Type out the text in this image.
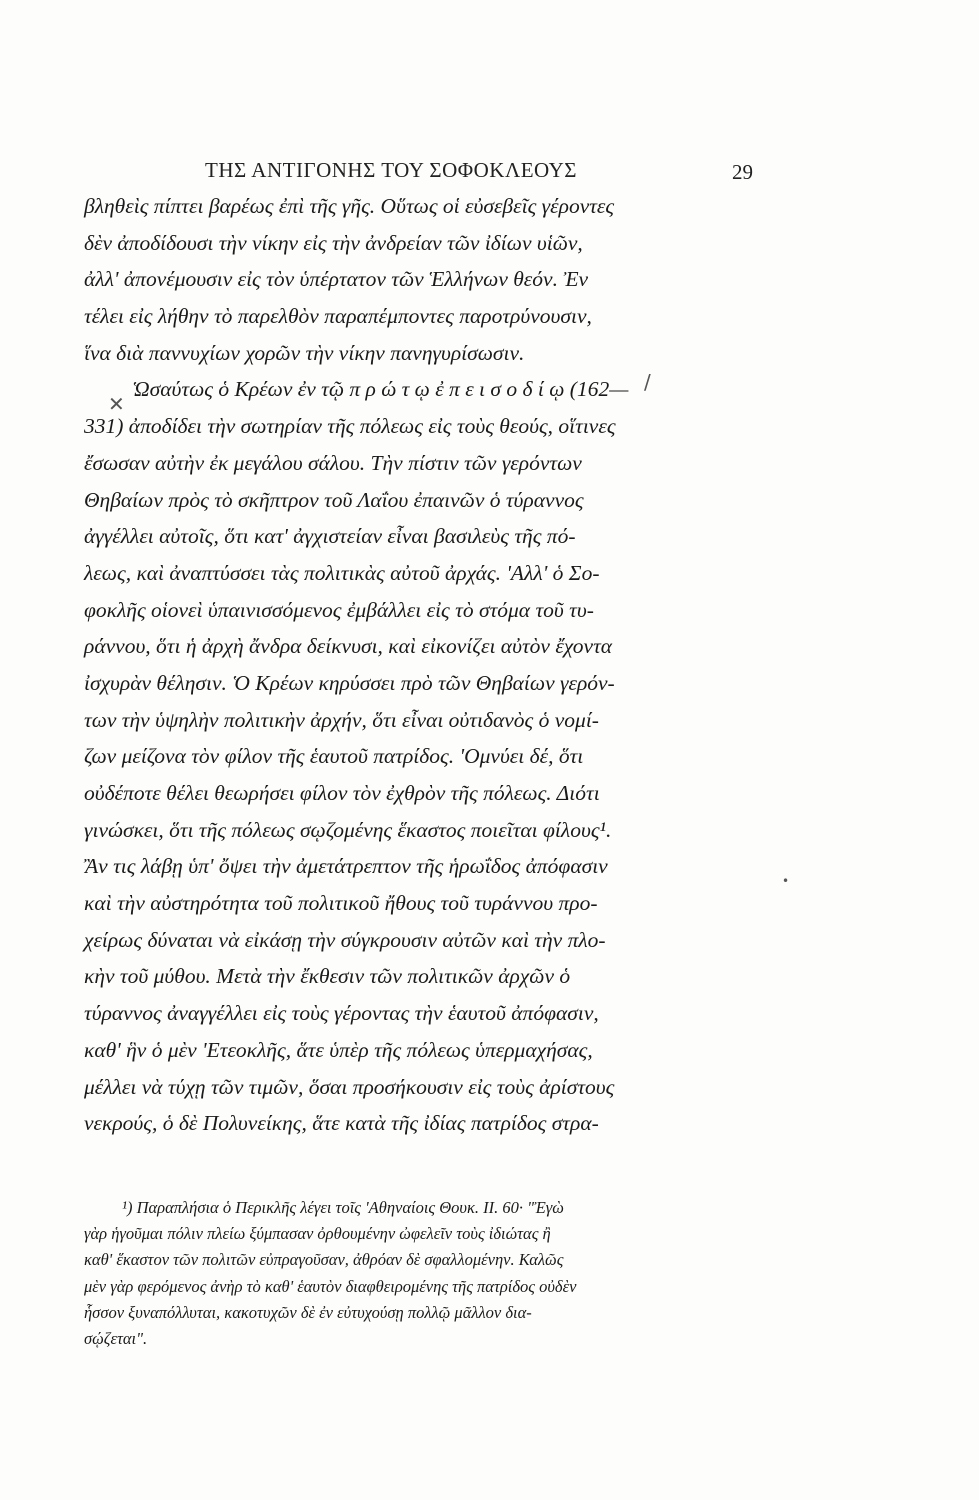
ΤΗΣ ΑΝΤΙΓΟΝΗΣ ΤΟΥ ΣΟΦΟΚΛΕΟΥΣ	29
/
✕
•
βληθεὶς πίπτει βαρέως ἐπὶ τῆς γῆς. Οὕτως οἱ εὐσεβεῖς γέροντες
δὲν ἀποδίδουσι τὴν νίκην εἰς τὴν ἀνδρείαν τῶν ἰδίων υἱῶν,
ἀλλ' ἀπονέμουσιν εἰς τὸν ὑπέρτατον τῶν Ἑλλήνων θεόν. Ἐν
τέλει εἰς λήθην τὸ παρελθὸν παραπέμποντες παροτρύνουσιν,
ἵνα διὰ παννυχίων χορῶν τὴν νίκην πανηγυρίσωσιν.
Ὡσαύτως ὁ Κρέων ἐν τῷ π ρ ώ τ ῳ ἐ π ε ι σ ο δ ί ῳ (162—
331) ἀποδίδει τὴν σωτηρίαν τῆς πόλεως εἰς τοὺς θεούς, οἵτινες
ἔσωσαν αὐτὴν ἐκ μεγάλου σάλου. Τὴν πίστιν τῶν γερόντων
Θηβαίων πρὸς τὸ σκῆπτρον τοῦ Λαΐου ἐπαινῶν ὁ τύραννος
ἀγγέλλει αὐτοῖς, ὅτι κατ' ἀγχιστείαν εἶναι βασιλεὺς τῆς πό-
λεως, καὶ ἀναπτύσσει τὰς πολιτικὰς αὐτοῦ ἀρχάς. 'Αλλ' ὁ Σο-
φοκλῆς οἱονεὶ ὑπαινισσόμενος ἐμβάλλει εἰς τὸ στόμα τοῦ τυ-
ράννου, ὅτι ἡ ἀρχὴ ἄνδρα δείκνυσι, καὶ εἰκονίζει αὐτὸν ἔχοντα
ἰσχυρὰν θέλησιν. Ὁ Κρέων κηρύσσει πρὸ τῶν Θηβαίων γερόν-
των τὴν ὑψηλὴν πολιτικὴν ἀρχήν, ὅτι εἶναι οὐτιδανὸς ὁ νομί-
ζων μείζονα τὸν φίλον τῆς ἑαυτοῦ πατρίδος. 'Ομνύει δέ, ὅτι
οὐδέποτε θέλει θεωρήσει φίλον τὸν ἐχθρὸν τῆς πόλεως. Διότι
γινώσκει, ὅτι τῆς πόλεως σῳζομένης ἕκαστος ποιεῖται φίλους¹.
Ἂν τις λάβῃ ὑπ' ὄψει τὴν ἀμετάτρεπτον τῆς ἡρωΐδος ἀπόφασιν
καὶ τὴν αὐστηρότητα τοῦ πολιτικοῦ ἤθους τοῦ τυράννου προ-
χείρως δύναται νὰ εἰκάσῃ τὴν σύγκρουσιν αὐτῶν καὶ τὴν πλο-
κὴν τοῦ μύθου. Μετὰ τὴν ἔκθεσιν τῶν πολιτικῶν ἀρχῶν ὁ
τύραννος ἀναγγέλλει εἰς τοὺς γέροντας τὴν ἑαυτοῦ ἀπόφασιν,
καθ' ἣν ὁ μὲν 'Ετεοκλῆς, ἅτε ὑπὲρ τῆς πόλεως ὑπερμαχήσας,
μέλλει νὰ τύχῃ τῶν τιμῶν, ὅσαι προσήκουσιν εἰς τοὺς ἀρίστους
νεκρούς, ὁ δὲ Πολυνείκης, ἅτε κατὰ τῆς ἰδίας πατρίδος στρα-
¹) Παραπλήσια ὁ Περικλῆς λέγει τοῖς 'Αθηναίοις Θουκ. ΙΙ. 60· "Ἐγὼ
γὰρ ἡγοῦμαι πόλιν πλείω ξύμπασαν ὀρθουμένην ὠφελεῖν τοὺς ἰδιώτας ἢ
καθ' ἕκαστον τῶν πολιτῶν εὐπραγοῦσαν, ἀθρόαν δὲ σφαλλομένην. Καλῶς
μὲν γὰρ φερόμενος ἀνὴρ τὸ καθ' ἑαυτὸν διαφθειρομένης τῆς πατρίδος οὐδὲν
ἧσσον ξυναπόλλυται, κακοτυχῶν δὲ ἐν εὐτυχούσῃ πολλῷ μᾶλλον δια-
σῴζεται".
